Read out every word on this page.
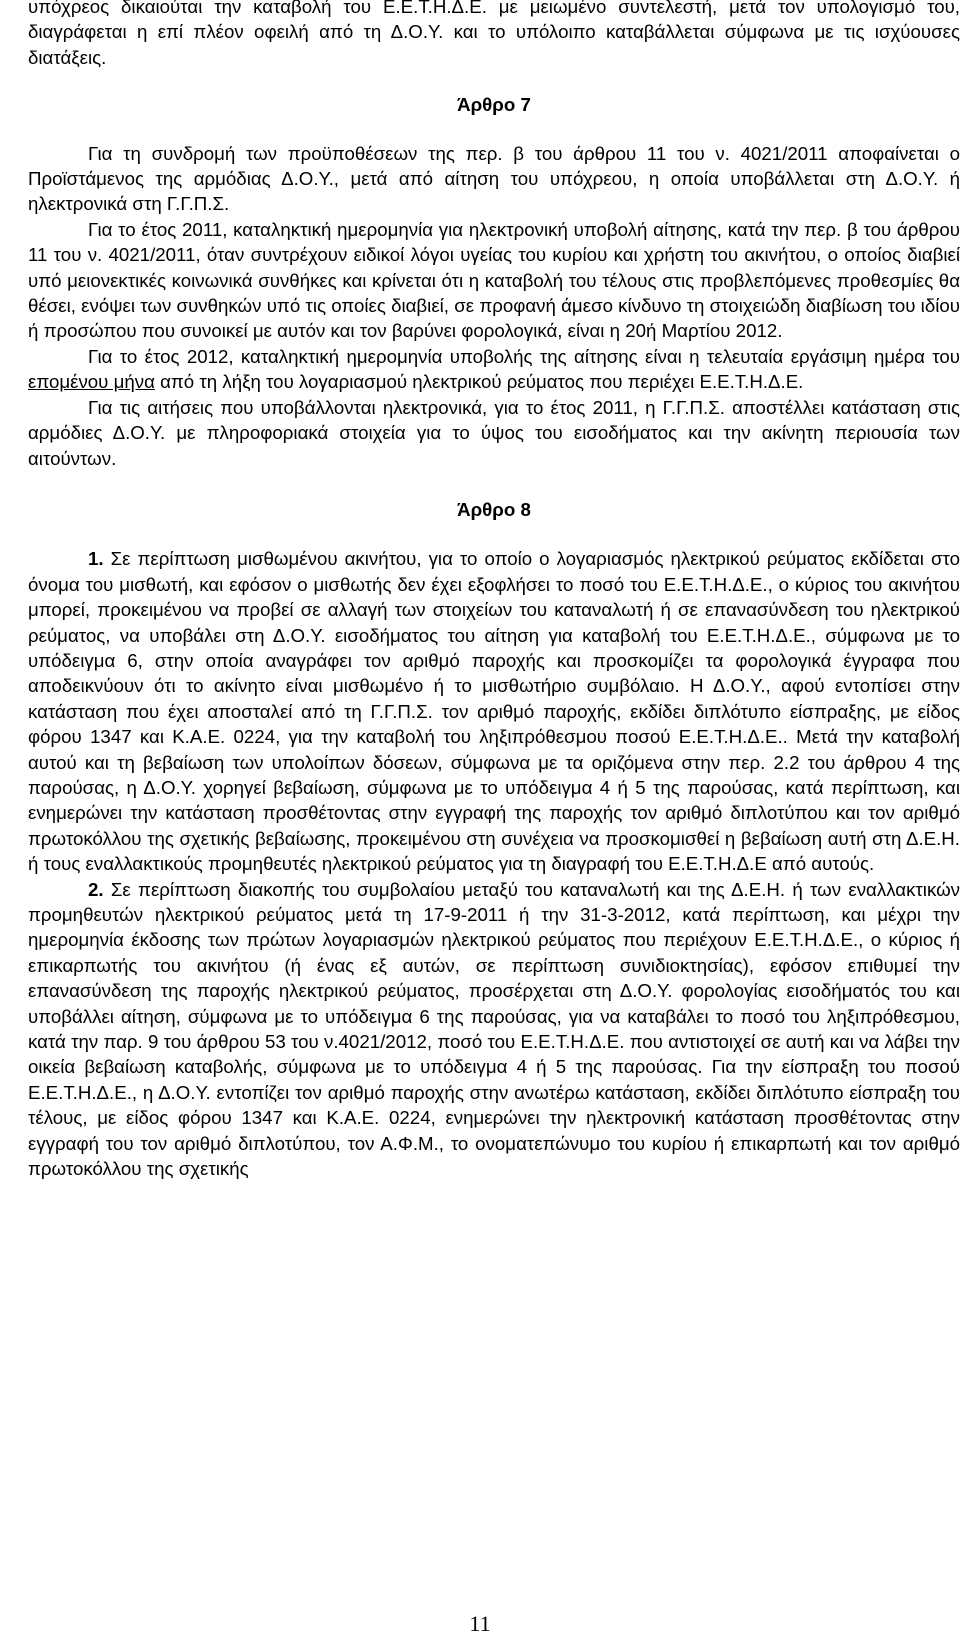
υπόχρεος δικαιούται την καταβολή του Ε.Ε.Τ.Η.Δ.Ε. με μειωμένο συντελεστή, μετά τον υπολογισμό του, διαγράφεται η επί πλέον οφειλή από τη Δ.Ο.Υ. και το υπόλοιπο καταβάλλεται σύμφωνα με τις ισχύουσες διατάξεις.

Άρθρο 7

Για τη συνδρομή των προϋποθέσεων της περ. β του άρθρου 11 του ν. 4021/2011 αποφαίνεται ο Προϊστάμενος της αρμόδιας Δ.Ο.Υ., μετά από αίτηση του υπόχρεου, η οποία υποβάλλεται στη Δ.Ο.Υ. ή ηλεκτρονικά στη Γ.Γ.Π.Σ.

Για το έτος 2011, καταληκτική ημερομηνία για ηλεκτρονική υποβολή αίτησης, κατά την περ. β του άρθρου 11 του ν. 4021/2011, όταν συντρέχουν ειδικοί λόγοι υγείας του κυρίου και χρήστη του ακινήτου, ο οποίος διαβιεί υπό μειονεκτικές κοινωνικά συνθήκες και κρίνεται ότι η καταβολή του τέλους στις προβλεπόμενες προθεσμίες θα θέσει, ενόψει των συνθηκών υπό τις οποίες διαβιεί, σε προφανή άμεσο κίνδυνο τη στοιχειώδη διαβίωση του ιδίου ή προσώπου που συνοικεί με αυτόν και τον βαρύνει φορολογικά, είναι η 20ή Μαρτίου 2012.

Για το έτος 2012, καταληκτική ημερομηνία υποβολής της αίτησης είναι η τελευταία εργάσιμη ημέρα του επομένου μήνα από τη λήξη του λογαριασμού ηλεκτρικού ρεύματος που περιέχει Ε.Ε.Τ.Η.Δ.Ε.

Για τις αιτήσεις που υποβάλλονται ηλεκτρονικά, για το έτος 2011, η Γ.Γ.Π.Σ. αποστέλλει κατάσταση στις αρμόδιες Δ.Ο.Υ. με πληροφοριακά στοιχεία για το ύψος του εισοδήματος και την ακίνητη περιουσία των αιτούντων.

Άρθρο 8

1. Σε περίπτωση μισθωμένου ακινήτου, για το οποίο ο λογαριασμός ηλεκτρικού ρεύματος εκδίδεται στο όνομα του μισθωτή, και εφόσον ο μισθωτής δεν έχει εξοφλήσει το ποσό του Ε.Ε.Τ.Η.Δ.Ε., ο κύριος του ακινήτου μπορεί, προκειμένου να προβεί σε αλλαγή των στοιχείων του καταναλωτή ή σε επανασύνδεση του ηλεκτρικού ρεύματος, να υποβάλει στη Δ.Ο.Υ. εισοδήματος του αίτηση για καταβολή του Ε.Ε.Τ.Η.Δ.Ε., σύμφωνα με το υπόδειγμα 6, στην οποία αναγράφει τον αριθμό παροχής και προσκομίζει τα φορολογικά έγγραφα που αποδεικνύουν ότι το ακίνητο είναι μισθωμένο ή το μισθωτήριο συμβόλαιο. Η Δ.Ο.Υ., αφού εντοπίσει στην κατάσταση που έχει αποσταλεί από τη Γ.Γ.Π.Σ. τον αριθμό παροχής, εκδίδει διπλότυπο είσπραξης, με είδος φόρου 1347 και Κ.Α.Ε. 0224, για την καταβολή του ληξιπρόθεσμου ποσού Ε.Ε.Τ.Η.Δ.Ε.. Μετά την καταβολή αυτού και τη βεβαίωση των υπολοίπων δόσεων, σύμφωνα με τα οριζόμενα στην περ. 2.2 του άρθρου 4 της παρούσας, η Δ.Ο.Υ. χορηγεί βεβαίωση, σύμφωνα με το υπόδειγμα 4 ή 5 της παρούσας, κατά περίπτωση, και ενημερώνει την κατάσταση προσθέτοντας στην εγγραφή της παροχής τον αριθμό διπλοτύπου και τον αριθμό πρωτοκόλλου της σχετικής βεβαίωσης, προκειμένου στη συνέχεια να προσκομισθεί η βεβαίωση αυτή στη Δ.Ε.Η. ή τους εναλλακτικούς προμηθευτές ηλεκτρικού ρεύματος για τη διαγραφή του Ε.Ε.Τ.Η.Δ.Ε από αυτούς.

2. Σε περίπτωση διακοπής του συμβολαίου μεταξύ του καταναλωτή και της Δ.Ε.Η. ή των εναλλακτικών προμηθευτών ηλεκτρικού ρεύματος μετά τη 17-9-2011 ή την 31-3-2012, κατά περίπτωση, και μέχρι την ημερομηνία έκδοσης των πρώτων λογαριασμών ηλεκτρικού ρεύματος που περιέχουν Ε.Ε.Τ.Η.Δ.Ε., ο κύριος ή επικαρπωτής του ακινήτου (ή ένας εξ αυτών, σε περίπτωση συνιδιοκτησίας), εφόσον επιθυμεί την επανασύνδεση της παροχής ηλεκτρικού ρεύματος, προσέρχεται στη Δ.Ο.Υ. φορολογίας εισοδήματός του και υποβάλλει αίτηση, σύμφωνα με το υπόδειγμα 6 της παρούσας, για να καταβάλει το ποσό του ληξιπρόθεσμου, κατά την παρ. 9 του άρθρου 53 του ν.4021/2012, ποσό του Ε.Ε.Τ.Η.Δ.Ε. που αντιστοιχεί σε αυτή και να λάβει την οικεία βεβαίωση καταβολής, σύμφωνα με το υπόδειγμα 4 ή 5 της παρούσας. Για την είσπραξη του ποσού Ε.Ε.Τ.Η.Δ.Ε., η Δ.Ο.Υ. εντοπίζει τον αριθμό παροχής στην ανωτέρω κατάσταση, εκδίδει διπλότυπο είσπραξη του τέλους, με είδος φόρου 1347 και Κ.Α.Ε. 0224, ενημερώνει την ηλεκτρονική κατάσταση προσθέτοντας στην εγγραφή του τον αριθμό διπλοτύπου, τον Α.Φ.Μ., το ονοματεπώνυμο του κυρίου ή επικαρπωτή και τον αριθμό πρωτοκόλλου της σχετικής

11
